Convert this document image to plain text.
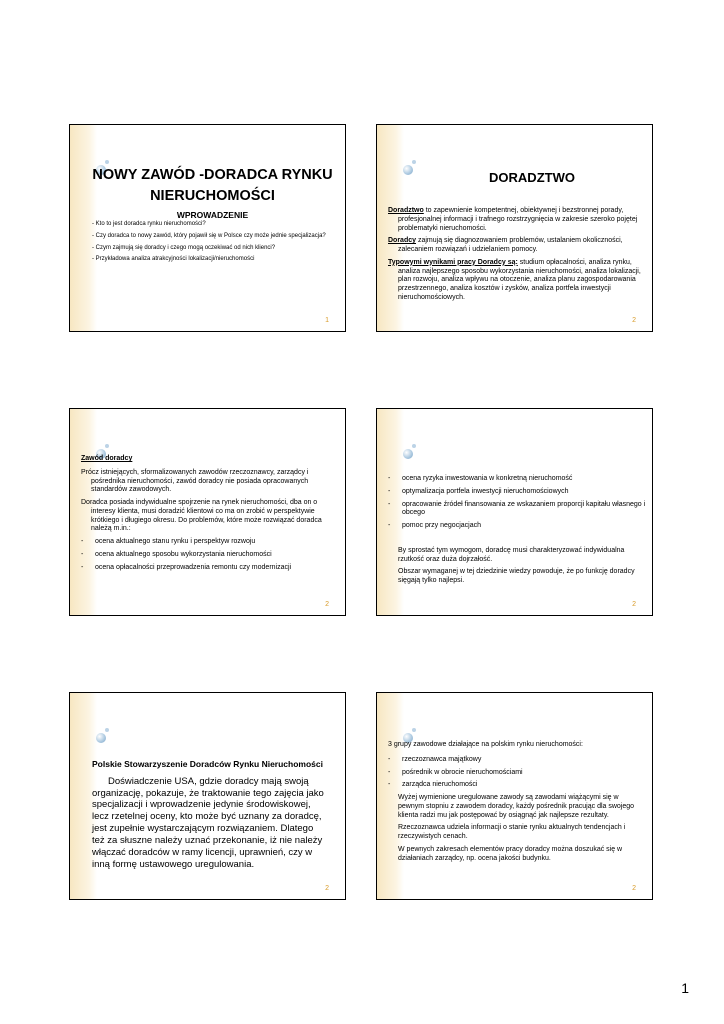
NOWY ZAWÓD -DORADCA RYNKU

NIERUCHOMOŚCI

WPROWADZENIE

- Kto to jest doradca rynku nieruchomości?

- Czy doradca to nowy zawód, który pojawił się w Polsce czy może jednie specjalizacja?

- Czym zajmują się doradcy i czego mogą oczekiwać od nich klienci?

- Przykładowa analiza atrakcyjności lokalizacji/nieruchomości

1
DORADZTWO

Doradztwo to zapewnienie kompetentnej, obiektywnej i bezstronnej porady, profesjonalnej informacji i trafnego rozstrzygnięcia w zakresie szeroko pojętej problematyki nieruchomości.

Doradcy zajmują się diagnozowaniem problemów, ustalaniem okoliczności, zalecaniem rozwiązań i udzielaniem pomocy.

Typowymi wynikami pracy Doradcy są: studium opłacalności, analiza rynku, analiza najlepszego sposobu wykorzystania nieruchomości, analiza lokalizacji, plan rozwoju, analiza wpływu na otoczenie, analiza planu zagospodarowania przestrzennego, analiza kosztów i zysków, analiza portfela inwestycji nieruchomościowych.

2

Zawód doradcy

Prócz istniejących, sformalizowanych zawodów rzeczoznawcy, zarządcy i pośrednika nieruchomości, zawód doradcy nie posiada opracowanych standardów zawodowych.

Doradca posiada indywidualne spojrzenie na rynek nieruchomości, dba on o interesy klienta, musi doradzić klientowi co ma on zrobić w perspektywie krótkiego i długiego okresu. Do problemów, które może rozwiązać doradca należą m.in.:

- ocena aktualnego stanu rynku i perspektyw rozwoju

- ocena aktualnego sposobu wykorzystania nieruchomości

- ocena opłacalności przeprowadzenia remontu czy modernizacji

2

- ocena ryzyka inwestowania w konkretną nieruchomość

- optymalizacja portfela inwestycji nieruchomościowych

- opracowanie źródeł finansowania ze wskazaniem proporcji kapitału własnego i obcego

- pomoc przy negocjacjach

By sprostać tym wymogom, doradcę musi charakteryzować indywidualna rzutkość oraz duża dojrzałość.

Obszar wymaganej w tej dziedzinie wiedzy powoduje, że po funkcję doradcy sięgają tylko najlepsi.

2

Polskie Stowarzyszenie Doradców Rynku Nieruchomości

Doświadczenie USA, gdzie doradcy mają swoją organizację, pokazuje, że traktowanie tego zajęcia jako specjalizacji i wprowadzenie jedynie środowiskowej, lecz rzetelnej oceny, kto może być uznany za doradcę, jest zupełnie wystarczającym rozwiązaniem. Dlatego też za słuszne należy uznać przekonanie, iż nie należy włączać doradców w ramy licencji, uprawnień, czy w inną formę ustawowego uregulowania.

2

3 grupy zawodowe działające na polskim rynku nieruchomości:

- rzeczoznawca majątkowy

- pośrednik w obrocie nieruchomościami

- zarządca nieruchomości

Wyżej wymienione uregulowane zawody są zawodami wiążącymi się w pewnym stopniu z zawodem doradcy, każdy pośrednik pracując dla swojego klienta radzi mu jak postępować by osiągnąć jak najlepsze rezultaty.

Rzeczoznawca udziela informacji o stanie rynku aktualnych tendencjach i rzeczywistych cenach.

W pewnych zakresach elementów pracy doradcy można doszukać się w działaniach zarządcy, np. ocena jakości budynku.

2
1
